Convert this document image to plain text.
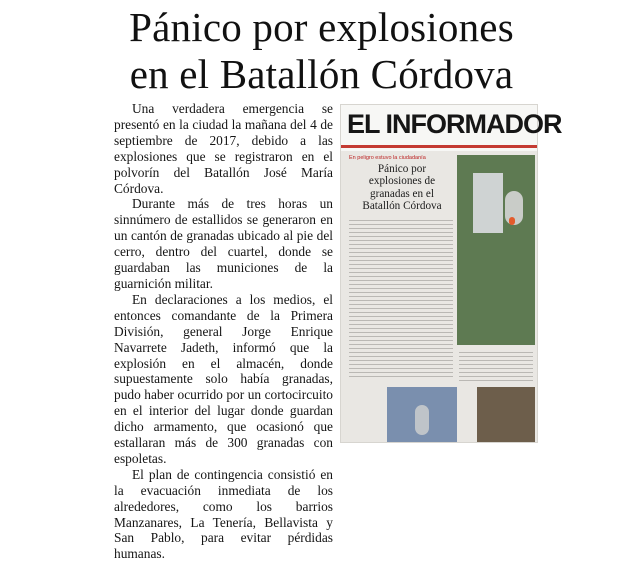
Pánico por explosiones
en el Batallón Córdova

Una verdadera emergencia se presentó en la ciudad la mañana del 4 de septiembre de 2017, debido a las explosiones que se registraron en el polvorín del Batallón José María Córdova.

Durante más de tres horas un sinnúmero de estallidos se generaron en un cantón de granadas ubicado al pie del cerro, dentro del cuartel, donde se guardaban las municiones de la guarnición militar.

En declaraciones a los medios, el entonces comandante de la Primera División, general Jorge Enrique Navarrete Jadeth, informó que la explosión en el almacén, donde supuestamente solo había granadas, pudo haber ocurrido por un cortocircuito en el interior del lugar donde guardan dicho armamento, que ocasionó que estallaran más de 300 granadas con espoletas.

El plan de contingencia consistió en la evacuación inmediata de los alrededores, como los barrios Manzanares, La Tenería, Bellavista y San Pablo, para evitar pérdidas humanas.

EL INFORMADOR
En peligro estuvo la ciudadanía
Pánico por
explosiones de
granadas en el
Batallón Córdova
